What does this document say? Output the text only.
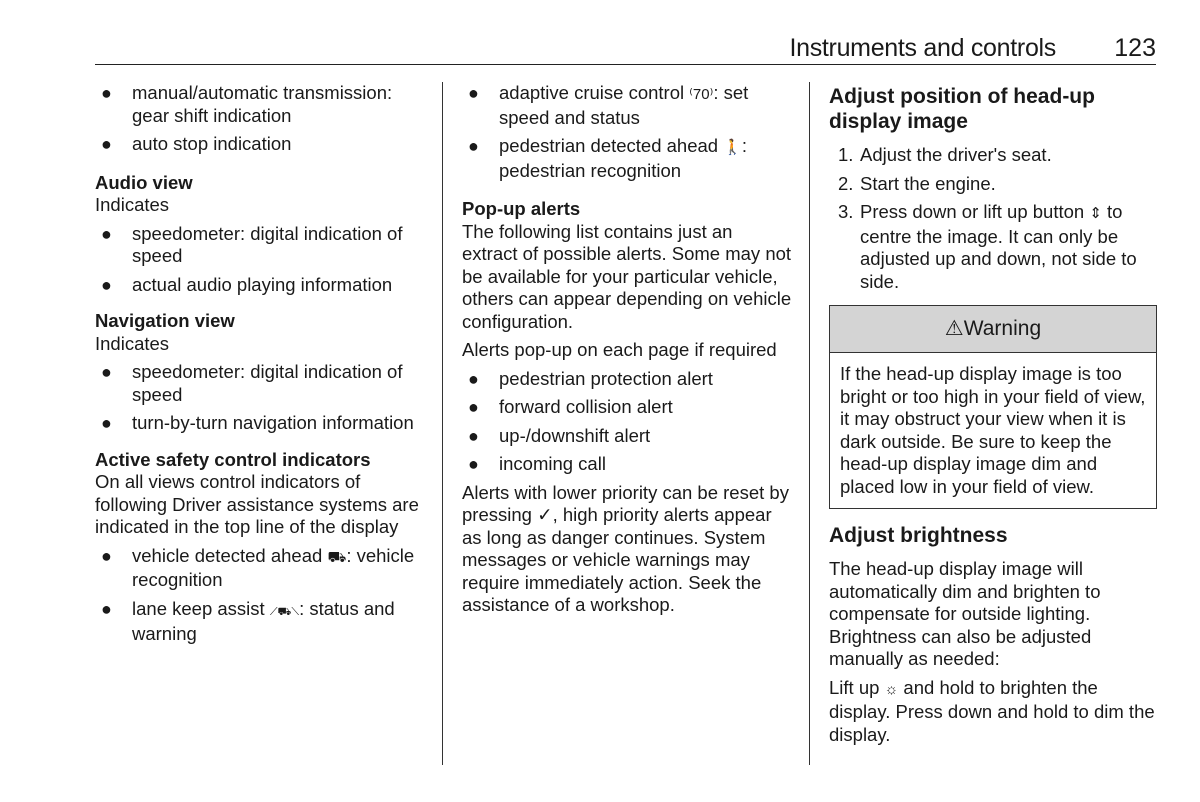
Instruments and controls 123
● manual/automatic transmission: gear shift indication
● auto stop indication
Audio view
Indicates
● speedometer: digital indication of speed
● actual audio playing information
Navigation view
Indicates
● speedometer: digital indication of speed
● turn-by-turn navigation information
Active safety control indicators
On all views control indicators of following Driver assistance systems are indicated in the top line of the display
● vehicle detected ahead ⛟: vehicle recognition
● lane keep assist ⟋⛟⟍: status and warning
● adaptive cruise control ⁽70⁾: set speed and status
● pedestrian detected ahead 🚶: pedestrian recognition
Pop-up alerts
The following list contains just an extract of possible alerts. Some may not be available for your particular vehicle, others can appear depending on vehicle configuration.
Alerts pop-up on each page if required
● pedestrian protection alert
● forward collision alert
● up-/downshift alert
● incoming call
Alerts with lower priority can be reset by pressing ✓, high priority alerts appear as long as danger continues. System messages or vehicle warnings may require immediately action. Seek the assistance of a workshop.
Adjust position of head-up display image
1. Adjust the driver's seat.
2. Start the engine.
3. Press down or lift up button ⇕ to centre the image. It can only be adjusted up and down, not side to side.
⚠Warning
If the head-up display image is too bright or too high in your field of view, it may obstruct your view when it is dark outside. Be sure to keep the head-up display image dim and placed low in your field of view.
Adjust brightness
The head-up display image will automatically dim and brighten to compensate for outside lighting. Brightness can also be adjusted manually as needed:
Lift up ☼ and hold to brighten the display. Press down and hold to dim the display.
